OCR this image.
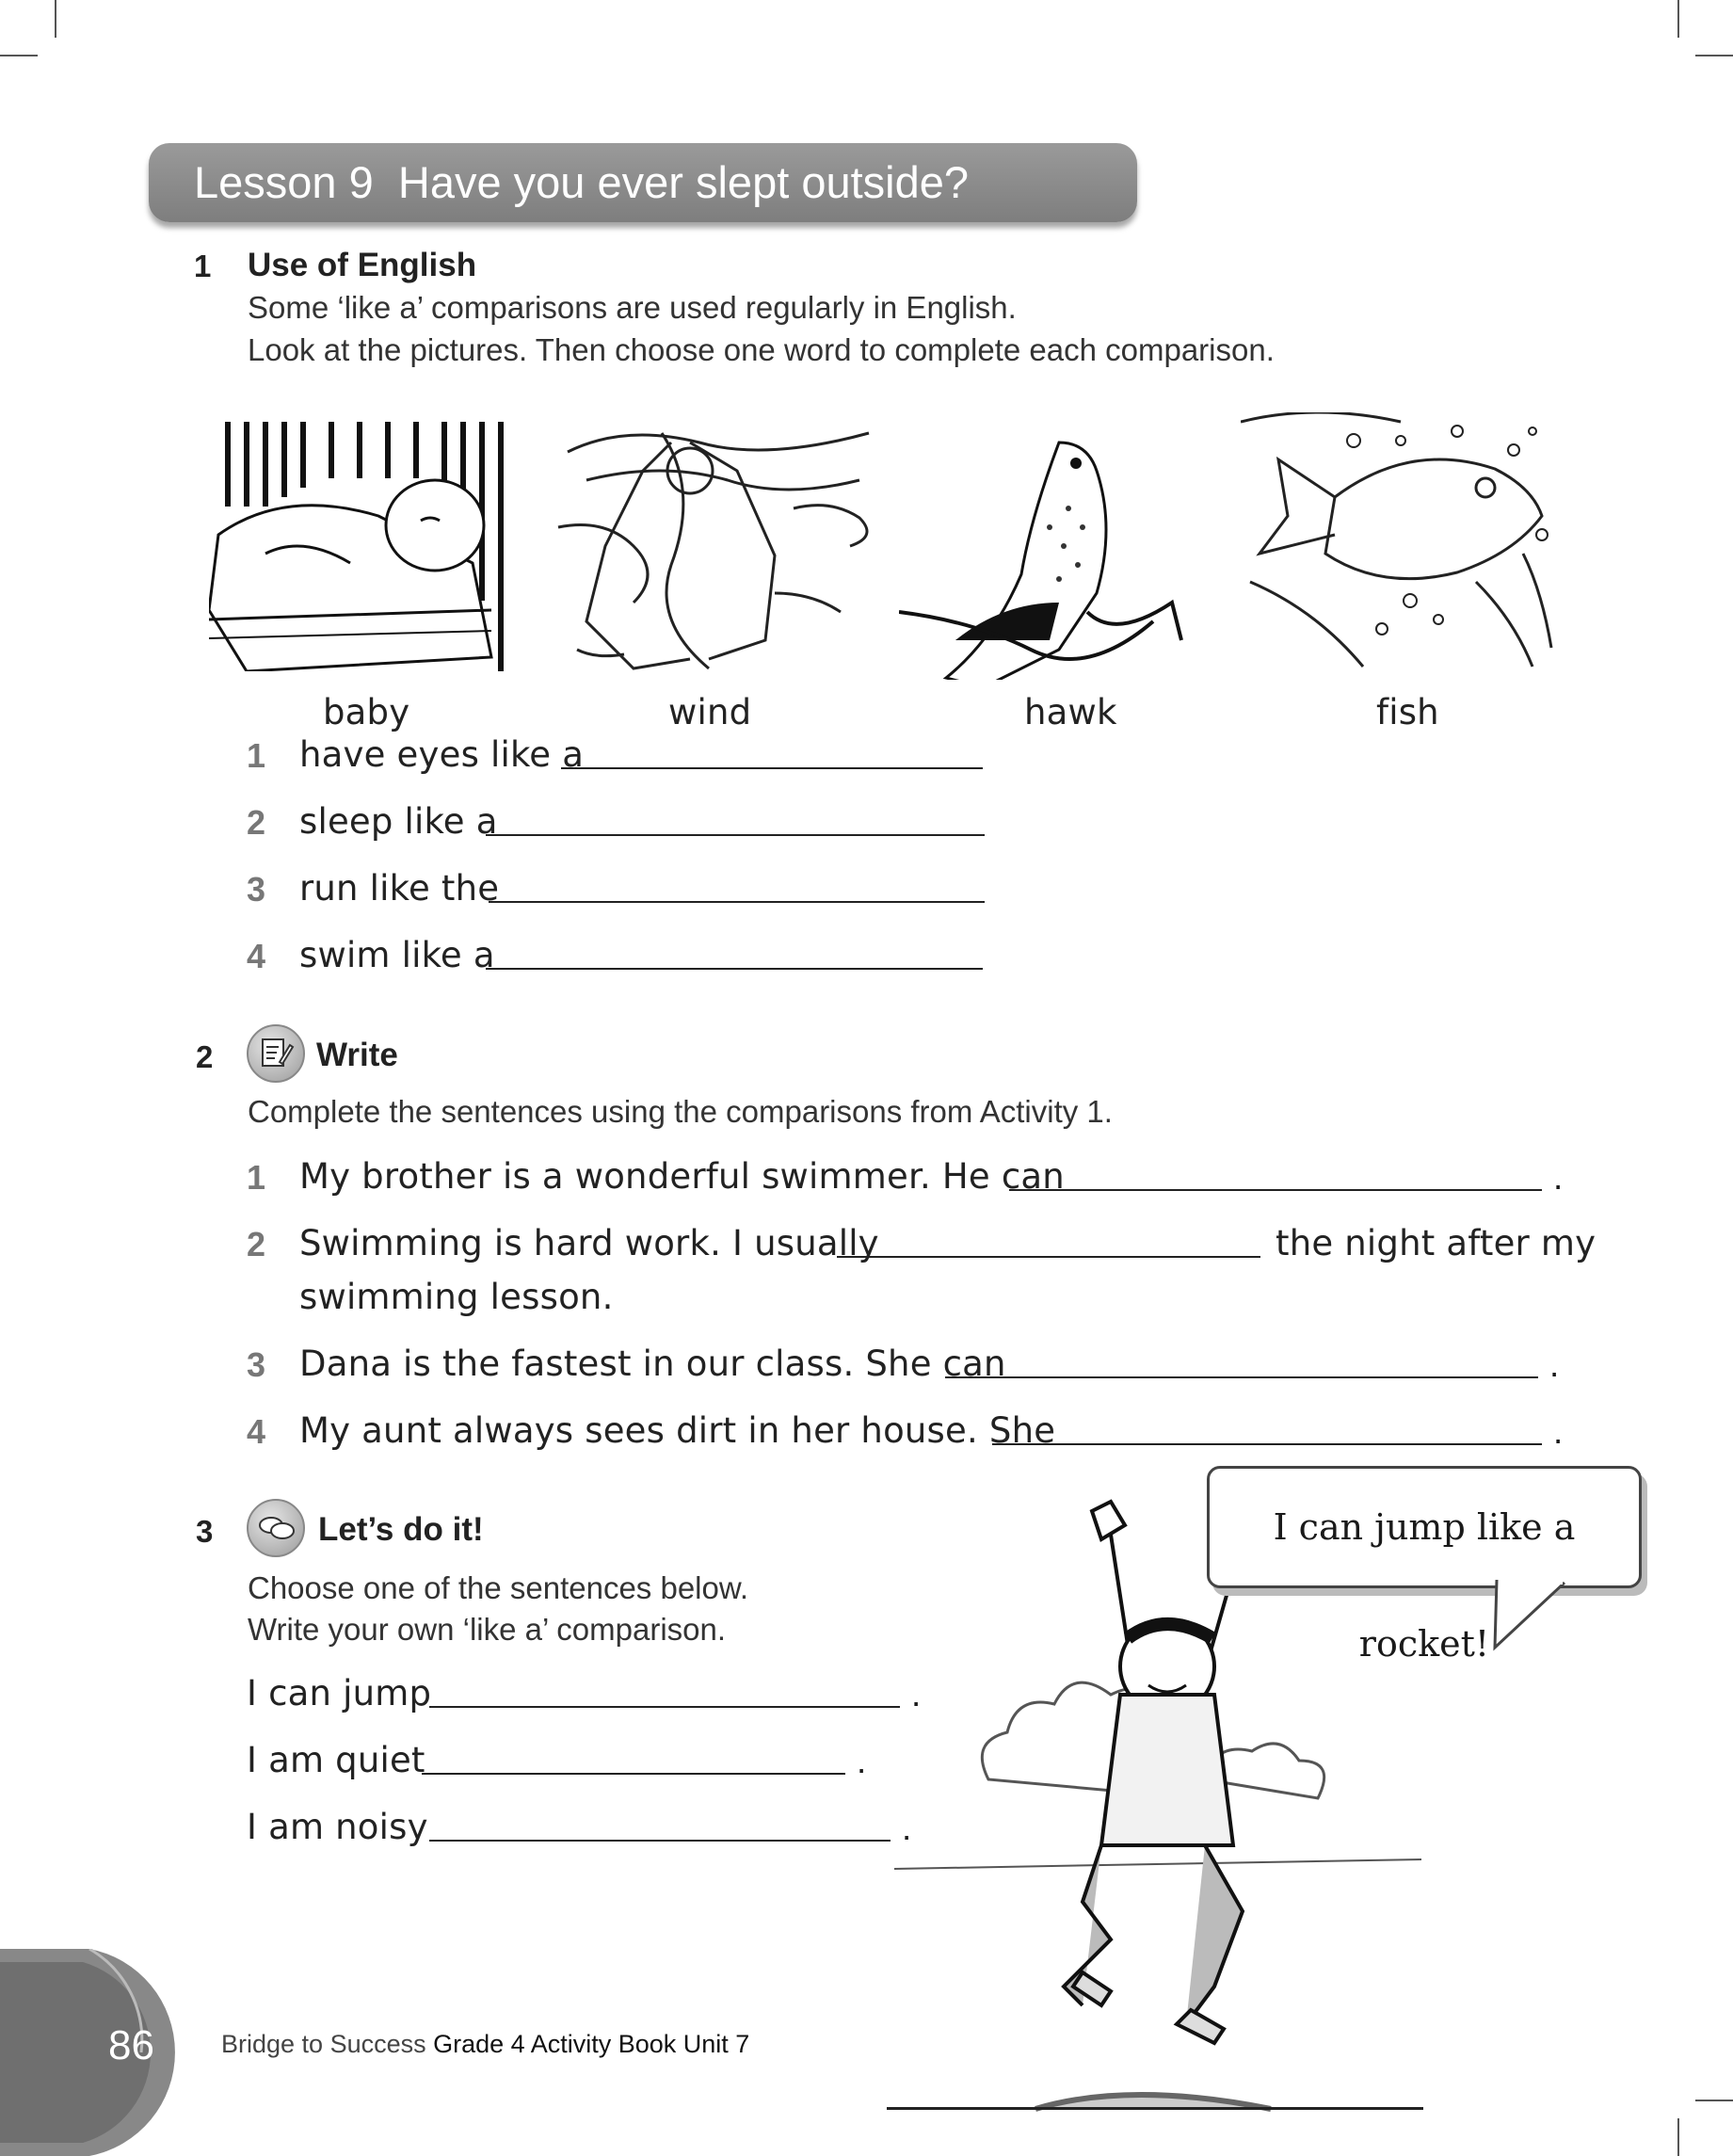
Lesson 9 Have you ever slept outside?
1 Use of English
Some ‘like a’ comparisons are used regularly in English.
Look at the pictures. Then choose one word to complete each comparison.
baby	wind	hawk	fish
1 have eyes like a
2 sleep like a
3 run like the
4 swim like a
2	Write
Complete the sentences using the comparisons from Activity 1.
1 My brother is a wonderful swimmer. He can	.
2 Swimming is hard work. I usually	the night after my
swimming lesson.
3 Dana is the fastest in our class. She can	.
4 My aunt always sees dirt in her house. She	.
3	Let’s do it!
Choose one of the sentences below.
Write your own ‘like a’ comparison.
I can jump	.
I am quiet	.
I am noisy	.
I can jump like a rocket!
86	Bridge to Success Grade 4 Activity Book Unit 7
